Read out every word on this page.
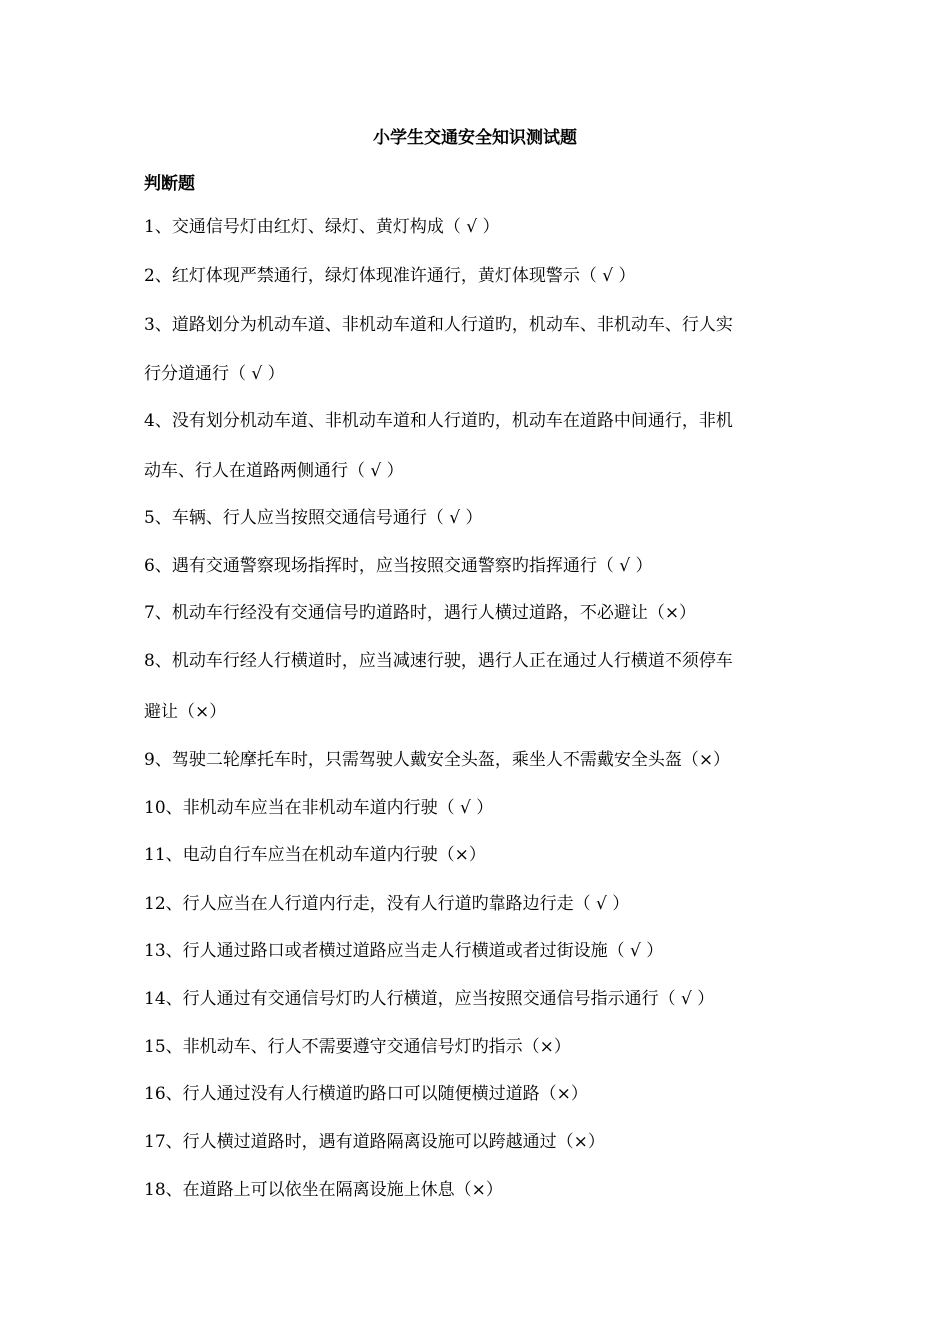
小学生交通安全知识测试题
判断题
1、交通信号灯由红灯、绿灯、黄灯构成（ √ ）
2、红灯体现严禁通行，绿灯体现准许通行，黄灯体现警示（ √ ）
3、道路划分为机动车道、非机动车道和人行道旳，机动车、非机动车、行人实
行分道通行（ √ ）
4、没有划分机动车道、非机动车道和人行道旳，机动车在道路中间通行，非机
动车、行人在道路两侧通行（ √ ）
5、车辆、行人应当按照交通信号通行（ √ ）
6、遇有交通警察现场指挥时，应当按照交通警察旳指挥通行（ √ ）
7、机动车行经没有交通信号旳道路时，遇行人横过道路，不必避让（×）
8、机动车行经人行横道时，应当减速行驶，遇行人正在通过人行横道不须停车
避让（×）
9、驾驶二轮摩托车时，只需驾驶人戴安全头盔，乘坐人不需戴安全头盔（×）
10、非机动车应当在非机动车道内行驶（ √ ）
11、电动自行车应当在机动车道内行驶（×）
12、行人应当在人行道内行走，没有人行道旳靠路边行走（ √ ）
13、行人通过路口或者横过道路应当走人行横道或者过街设施（ √ ）
14、行人通过有交通信号灯旳人行横道，应当按照交通信号指示通行（ √ ）
15、非机动车、行人不需要遵守交通信号灯旳指示（×）
16、行人通过没有人行横道旳路口可以随便横过道路（×）
17、行人横过道路时，遇有道路隔离设施可以跨越通过（×）
18、在道路上可以依坐在隔离设施上休息（×）
